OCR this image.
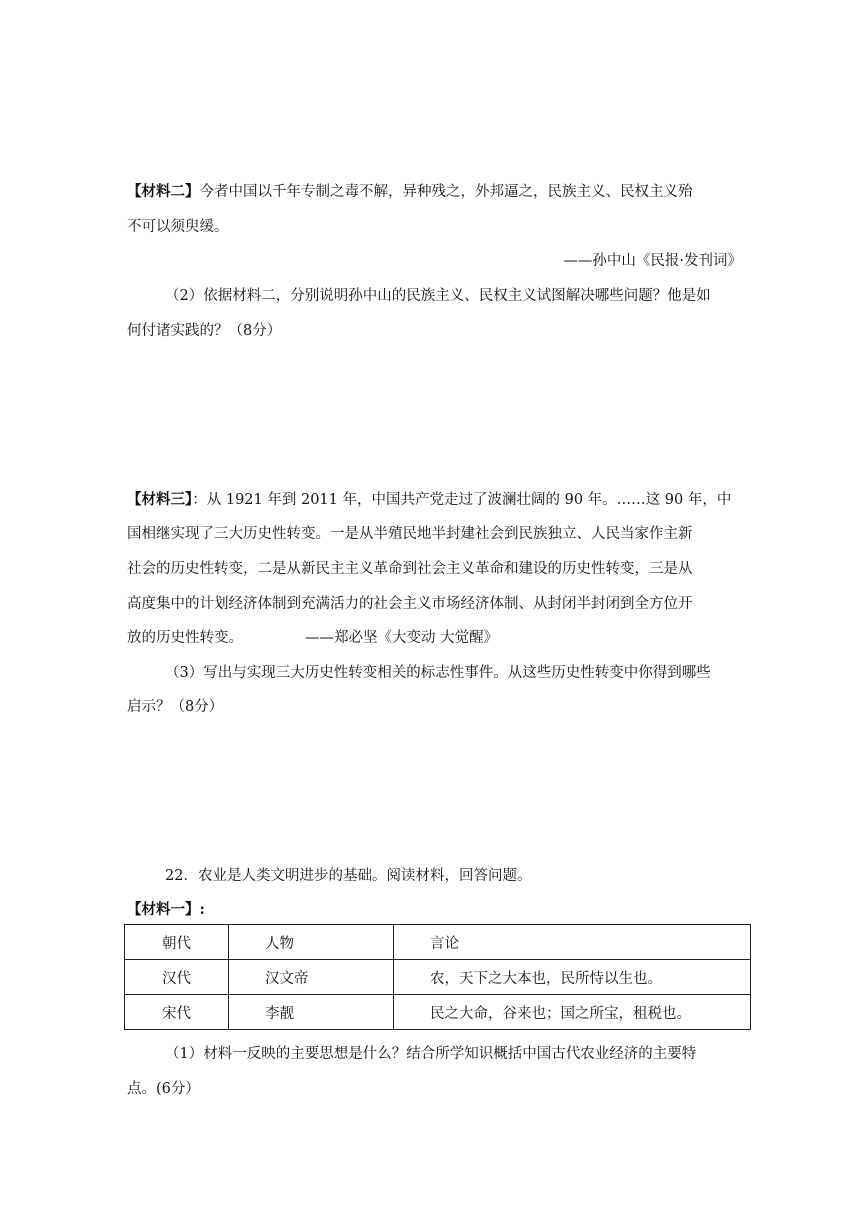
【材料二】今者中国以千年专制之毒不解，异种残之，外邦逼之，民族主义、民权主义殆
不可以须臾缓。
——孙中山《民报·发刊词》
（2）依据材料二，分别说明孙中山的民族主义、民权主义试图解决哪些问题？他是如
何付诸实践的？（8分）
【材料三】：从 1921 年到 2011 年，中国共产党走过了波澜壮阔的 90 年。……这 90 年，中
国相继实现了三大历史性转变。一是从半殖民地半封建社会到民族独立、人民当家作主新
社会的历史性转变，二是从新民主主义革命到社会主义革命和建设的历史性转变，三是从
高度集中的计划经济体制到充满活力的社会主义市场经济体制、从封闭半封闭到全方位开
放的历史性转变。	——郑必坚《大变动 大觉醒》
（3）写出与实现三大历史性转变相关的标志性事件。从这些历史性转变中你得到哪些
启示？（8分）
22．农业是人类文明进步的基础。阅读材料，回答问题。
【材料一】:
朝代	人物	言论
汉代	汉文帝	农，天下之大本也，民所恃以生也。
宋代	李靓	民之大命，谷来也；国之所宝，租税也。
（1）材料一反映的主要思想是什么？结合所学知识概括中国古代农业经济的主要特
点。(6分）
